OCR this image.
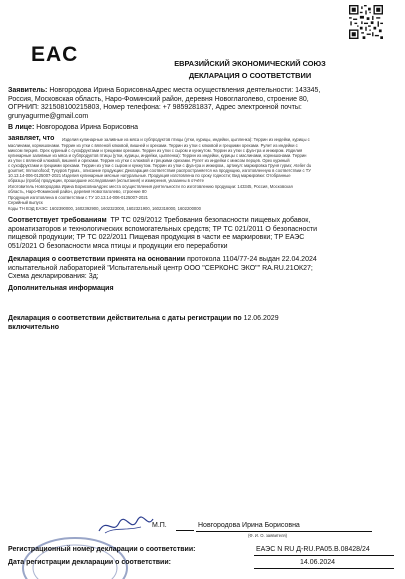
EAC	ЕВРАЗИЙСКИЙ ЭКОНОМИЧЕСКИЙ СОЮЗ
ДЕКЛАРАЦИЯ О СООТВЕТСТВИИ
Заявитель: Новгородова Ирина БорисовнаАдрес места осуществления деятельности: 143345,
Россия, Московская область, Наро-Фоминский район, деревня Новоглаголево, строение 80,
ОГРНИП: 321508100215803, Номер телефона: +7 9859281837, Адрес электронной почты:
grunyagurme@gmail.com
В лице: Новгородова Ирина Борисовна
заявляет, что	Изделия кулинарные заливные из мяса и субпродуктов птицы (утки, курицы, индейки, цыпленка): Террин из индейки, курицы с
маслинами, корнишонами. Террин из утки с вяленой клюквой, вишней и орехами. Террин из утки с клюквой и грецкими орехами. Рулет из индейки с
миксом перцев. Орех куриный с сухофруктами и грецкими орехами. Террин из утки с сыром и кунжутом. Террин из утки с фуа-гра и инжиром. Изделия
кулинарные заливные из мяса и субпродуктов птицы (утки, курицы, индейки, цыпленка): Террин из индейки, курицы с маслинами, корнишонами. Террин
из утки с вяленой клюквой, вишней и орехами. Террин из утки с клюквой и грецкими орехами. Рулет из индейки с миксом перцев. Орех куриный
с сухофруктами и грецкими орехами. Террин из утки с сыром и кунжутом. Террин из утки с фуа-гра и инжиром., артикул: маркировка Груня гурмэ; Atelier du
gourmet; Immunofood; Тухуров Гурмэ., описание продукции: Декларация соответствия распространяется на продукцию, изготовленную в соответствии с ТУ
10.13.14-006-0125007-2021 Изделия кулинарные мясные натуральные. Продукция изготовлена по сроку годности; Вид маркировки: Отобранные
образцы (проба) продукции, прошедшие исследования (испытания) и измерения, указанны в отчёте
Изготовитель Новгородова Ирина БорисовнаАдрес места осуществления деятельности по изготовлению продукции: 143345, Россия, Московская
область, Наро-Фоминский район, деревня Новоглаголево, строение 80
Продукция изготовлена в соответствии с ТУ 10.13.14-006-0125007-2021
Серийный выпуск
Коды ТН ВЭД ЕАЭС: 1602390000, 1602392900, 1602323000, 1602321900, 1602318000, 1602200000
Соответствует требованиям ТР ТС 029/2012 Требования безопасности пищевых добавок,
ароматизаторов и технологических вспомогательных средств; ТР ТС 021/2011 О безопасности
пищевой продукции; ТР ТС 022/2011 Пищевая продукция в части ее маркировки; ТР ЕАЭС
051/2021 О безопасности мяса птицы и продукции его переработки
Декларация о соответствии принята на основании протокола 1104/77-24 выдан 22.04.2024
испытательной лабораторией "Испытательный центр ООО "СЕРКОНС ЭКО"" RA.RU.21ОК27;
Схема декларирования: 3д;
Дополнительная информация
Декларация о соответствии действительна с даты регистрации по 12.06.2029
включительно
М.П.	Новгородова Ирина Борисовна
(Ф. И. О. заявителя)
Регистрационный номер декларации о соответствии:	ЕАЭС N RU Д-RU.РА05.В.08428/24
Дата регистрации декларации о соответствии:	14.06.2024
